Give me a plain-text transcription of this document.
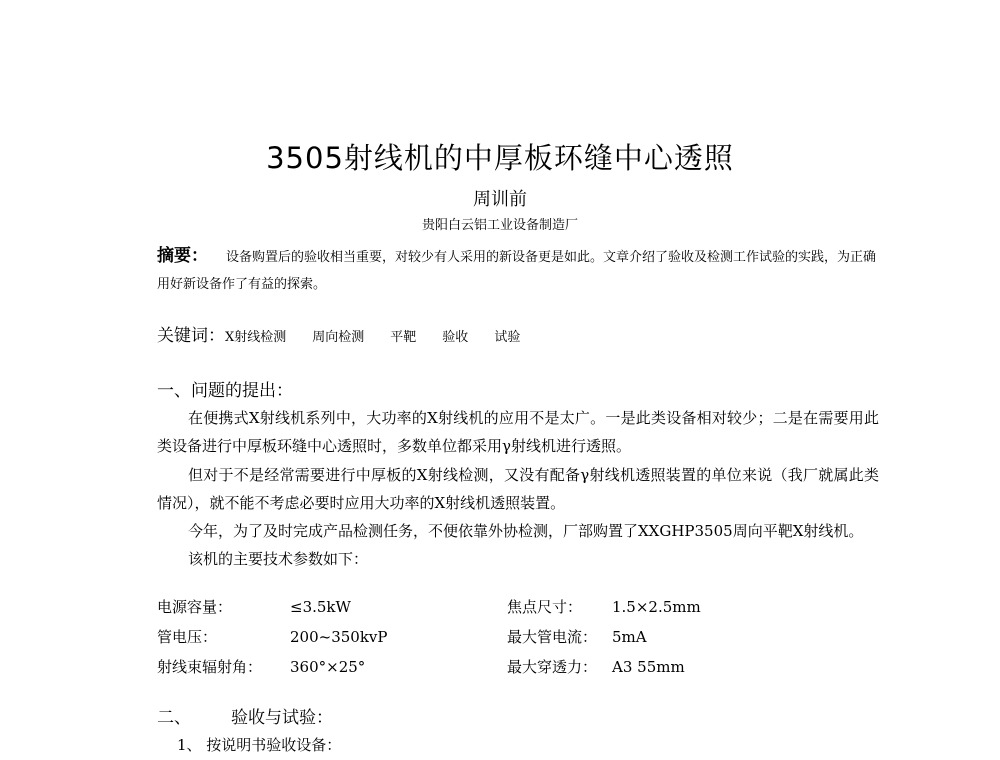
3505射线机的中厚板环缝中心透照
周训前
贵阳白云铝工业设备制造厂
摘要： 设备购置后的验收相当重要，对较少有人采用的新设备更是如此。文章介绍了验收及检测工作试验的实践，为正确用好新设备作了有益的探索。
关键词：X射线检测 周向检测 平靶 验收 试验
一、问题的提出：

在便携式X射线机系列中，大功率的X射线机的应用不是太广。一是此类设备相对较少；二是在需要用此类设备进行中厚板环缝中心透照时，多数单位都采用γ射线机进行透照。

但对于不是经常需要进行中厚板的X射线检测，又没有配备γ射线机透照装置的单位来说（我厂就属此类情况），就不能不考虑必要时应用大功率的X射线机透照装置。

今年，为了及时完成产品检测任务，不便依靠外协检测，厂部购置了XXGHP3505周向平靶X射线机。

该机的主要技术参数如下：

电源容量：	≤3.5kW	焦点尺寸： 1.5×2.5mm
管电压：	200~350kvP	最大管电流： 5mA
射线束辐射角： 360°×25°	最大穿透力： A3 55mm
二、 验收与试验：
1、 按说明书验收设备：
